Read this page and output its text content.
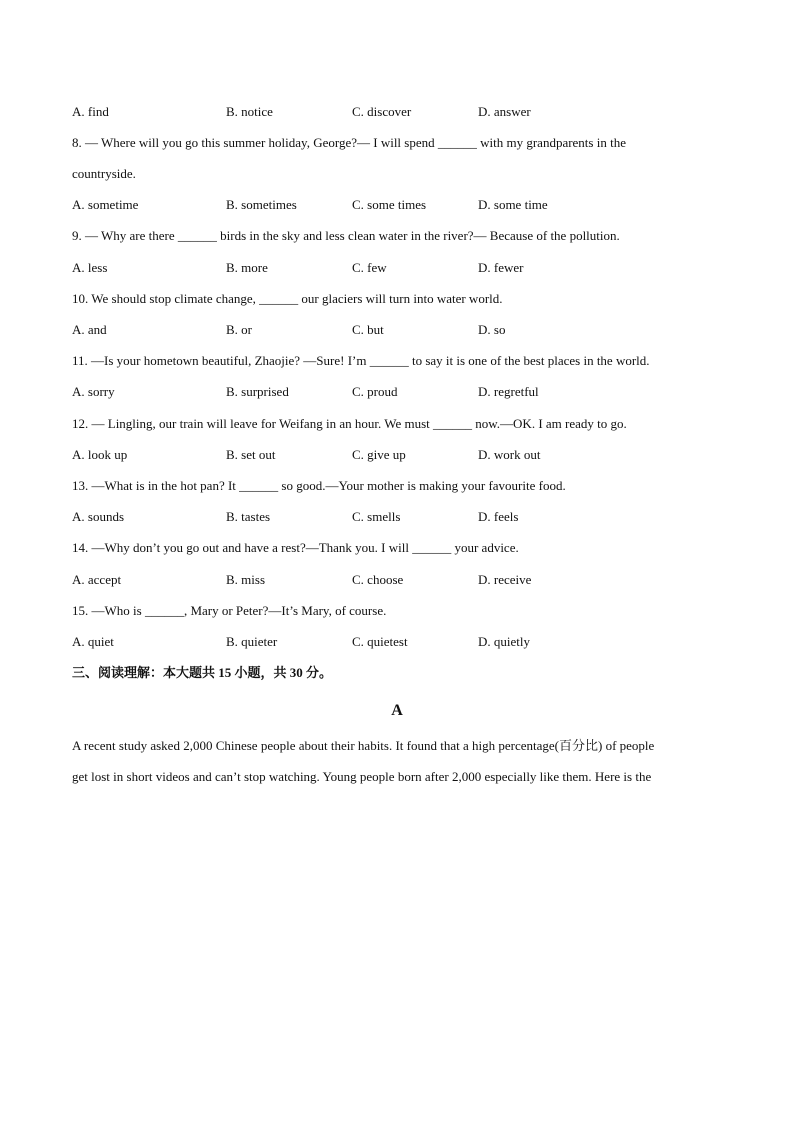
A. find	B. notice	C. discover	D. answer
8. — Where will you go this summer holiday, George?— I will spend ______ with my grandparents in the
countryside.
A. sometime	B. sometimes	C. some times	D. some time
9. — Why are there ______ birds in the sky and less clean water in the river?— Because of the pollution.
A. less	B. more	C. few	D. fewer
10. We should stop climate change, ______ our glaciers will turn into water world.
A. and	B. or	C. but	D. so
11. —Is your hometown beautiful, Zhaojie? —Sure! I’m ______ to say it is one of the best places in the world.
A. sorry	B. surprised	C. proud	D. regretful
12. — Lingling, our train will leave for Weifang in an hour. We must ______ now.—OK. I am ready to go.
A. look up	B. set out	C. give up	D. work out
13. —What is in the hot pan? It ______ so good.—Your mother is making your favourite food.
A. sounds	B. tastes	C. smells	D. feels
14. —Why don’t you go out and have a rest?—Thank you. I will ______ your advice.
A. accept	B. miss	C. choose	D. receive
15. —Who is ______, Mary or Peter?—It’s Mary, of course.
A. quiet	B. quieter	C. quietest	D. quietly
三、阅读理解：本大题共 15 小题，共 30 分。
A
A recent study asked 2,000 Chinese people about their habits. It found that a high percentage(百分比) of people
get lost in short videos and can’t stop watching. Young people born after 2,000 especially like them. Here is the
